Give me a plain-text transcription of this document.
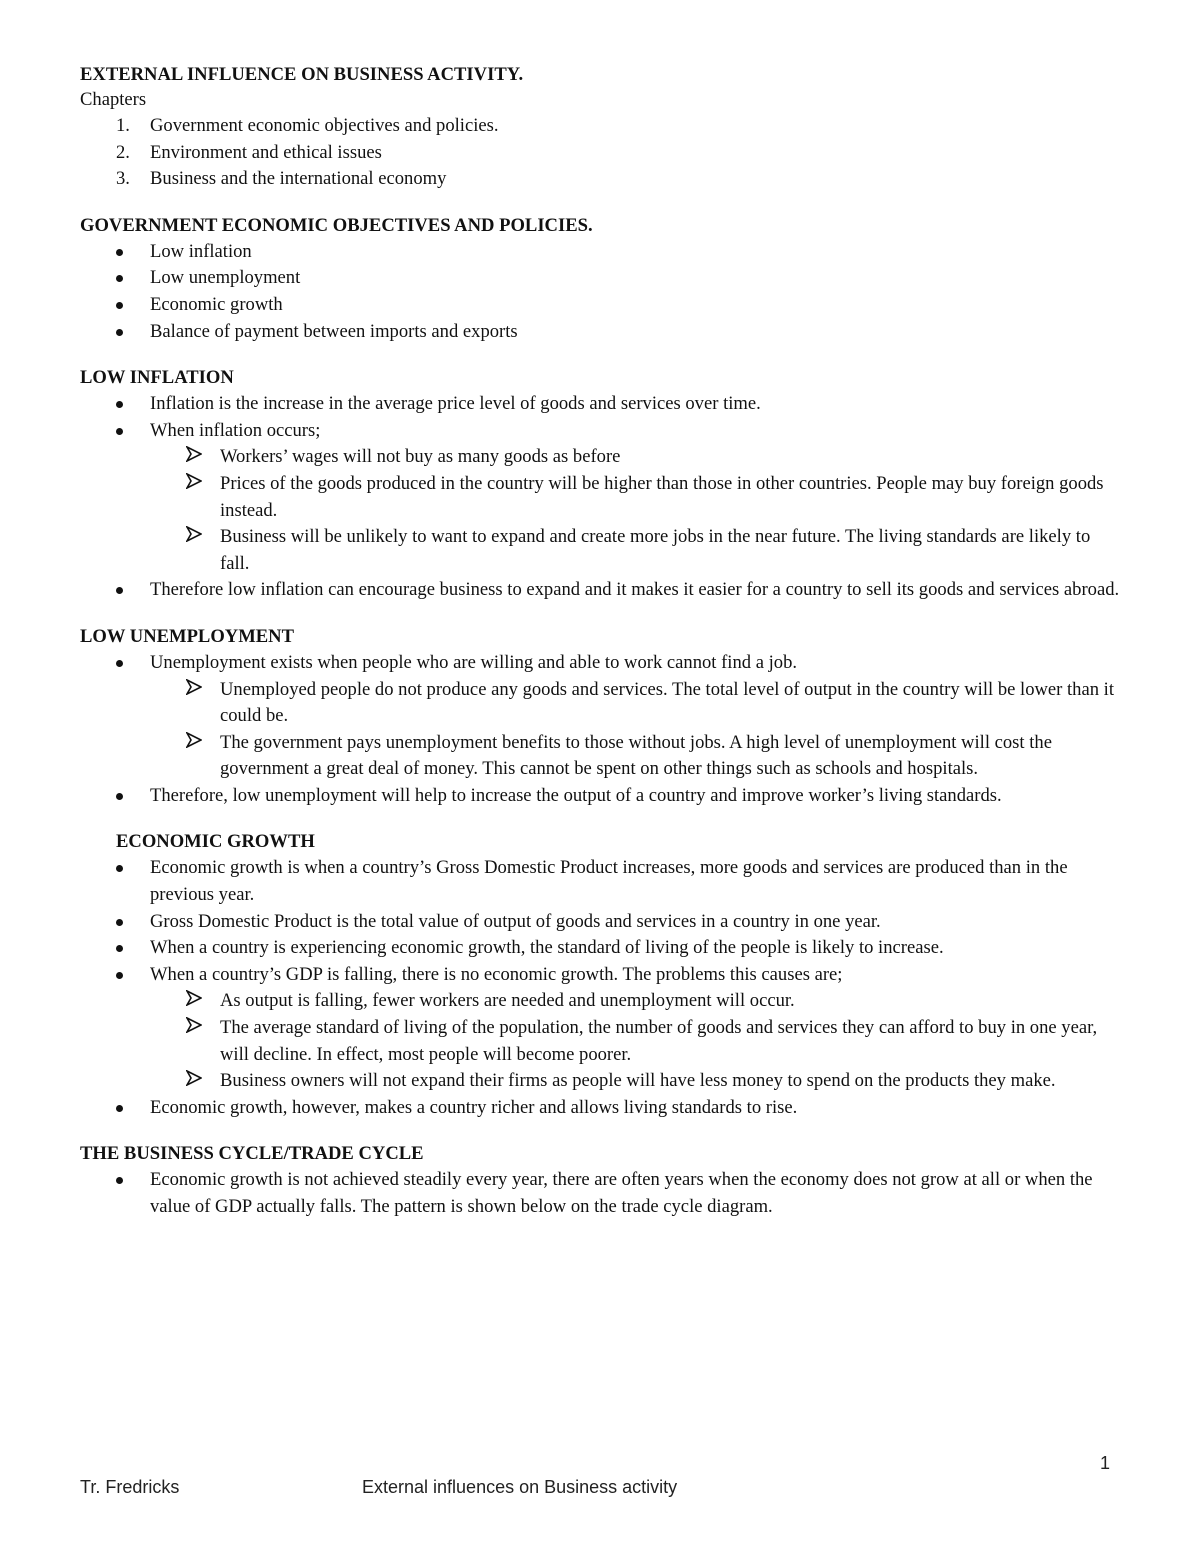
EXTERNAL INFLUENCE ON BUSINESS ACTIVITY.

Chapters

1. Government economic objectives and policies.
2. Environment and ethical issues
3. Business and the international economy

GOVERNMENT ECONOMIC OBJECTIVES AND POLICIES.

Low inflation
Low unemployment
Economic growth
Balance of payment between imports and exports

LOW INFLATION

Inflation is the increase in the average price level of goods and services over time.
When inflation occurs;
Workers’ wages will not buy as many goods as before
Prices of the goods produced in the country will be higher than those in other countries. People may buy foreign goods instead.
Business will be unlikely to want to expand and create more jobs in the near future. The living standards are likely to fall.
Therefore low inflation can encourage business to expand and it makes it easier for a country to sell its goods and services abroad.

LOW UNEMPLOYMENT

Unemployment exists when people who are willing and able to work cannot find a job.
Unemployed people do not produce any goods and services. The total level of output in the country will be lower than it could be.
The government pays unemployment benefits to those without jobs. A high level of unemployment will cost the government a great deal of money. This cannot be spent on other things such as schools and hospitals.
Therefore, low unemployment will help to increase the output of a country and improve worker’s living standards.

ECONOMIC GROWTH

Economic growth is when a country’s Gross Domestic Product increases, more goods and services are produced than in the previous year.
Gross Domestic Product is the total value of output of goods and services in a country in one year.
When a country is experiencing economic growth, the standard of living of the people is likely to increase.
When a country’s GDP is falling, there is no economic growth. The problems this causes are;
As output is falling, fewer workers are needed and unemployment will occur.
The average standard of living of the population, the number of goods and services they can afford to buy in one year, will decline. In effect, most people will become poorer.
Business owners will not expand their firms as people will have less money to spend on the products they make.
Economic growth, however, makes a country richer and allows living standards to rise.

THE BUSINESS CYCLE/TRADE CYCLE

Economic growth is not achieved steadily every year, there are often years when the economy does not grow at all or when the value of GDP actually falls. The pattern is shown below on the trade cycle diagram.
1
Tr. Fredricks	External influences on Business activity
